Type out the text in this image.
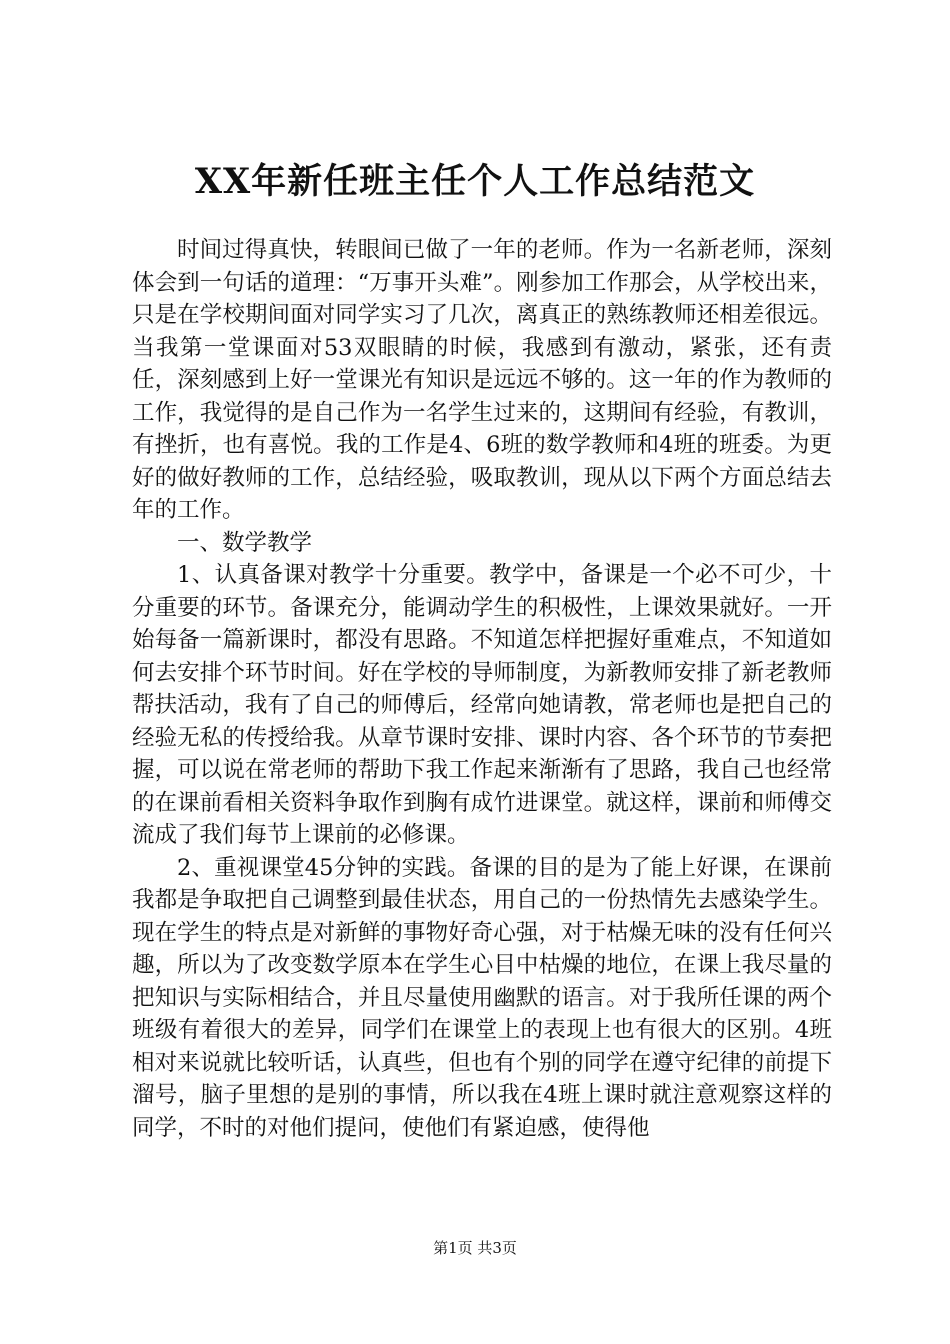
XX年新任班主任个人工作总结范文

时间过得真快，转眼间已做了一年的老师。作为一名新老师，深刻体会到一句话的道理：“万事开头难”。刚参加工作那会，从学校出来，只是在学校期间面对同学实习了几次，离真正的熟练教师还相差很远。当我第一堂课面对53双眼睛的时候，我感到有激动，紧张，还有责任，深刻感到上好一堂课光有知识是远远不够的。这一年的作为教师的工作，我觉得的是自己作为一名学生过来的，这期间有经验，有教训，有挫折，也有喜悦。我的工作是4、6班的数学教师和4班的班委。为更好的做好教师的工作，总结经验，吸取教训，现从以下两个方面总结去年的工作。

一、数学教学

1、认真备课对教学十分重要。教学中，备课是一个必不可少，十分重要的环节。备课充分，能调动学生的积极性，上课效果就好。一开始每备一篇新课时，都没有思路。不知道怎样把握好重难点，不知道如何去安排个环节时间。好在学校的导师制度，为新教师安排了新老教师帮扶活动，我有了自己的师傅后，经常向她请教，常老师也是把自己的经验无私的传授给我。从章节课时安排、课时内容、各个环节的节奏把握，可以说在常老师的帮助下我工作起来渐渐有了思路，我自己也经常的在课前看相关资料争取作到胸有成竹进课堂。就这样，课前和师傅交流成了我们每节上课前的必修课。

2、重视课堂45分钟的实践。备课的目的是为了能上好课，在课前我都是争取把自己调整到最佳状态，用自己的一份热情先去感染学生。现在学生的特点是对新鲜的事物好奇心强，对于枯燥无味的没有任何兴趣，所以为了改变数学原本在学生心目中枯燥的地位，在课上我尽量的把知识与实际相结合，并且尽量使用幽默的语言。对于我所任课的两个班级有着很大的差异，同学们在课堂上的表现上也有很大的区别。4班相对来说就比较听话，认真些，但也有个别的同学在遵守纪律的前提下溜号，脑子里想的是别的事情，所以我在4班上课时就注意观察这样的同学，不时的对他们提问，使他们有紧迫感，使得他

第1页 共3页
